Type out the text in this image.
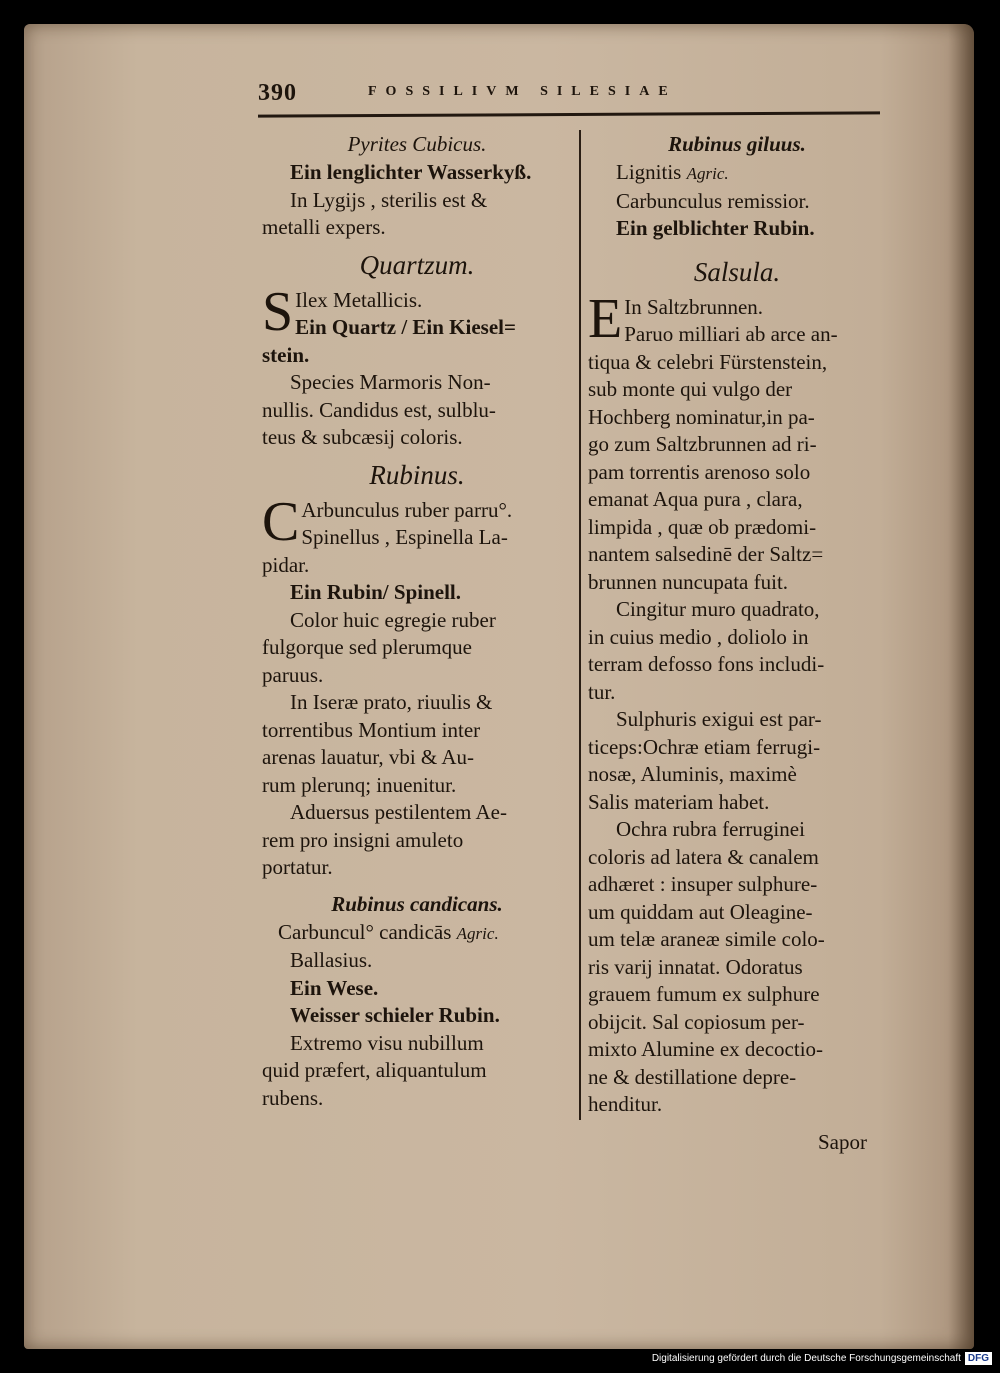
390	FOSSILIVM SILESIAE
Pyrites Cubicus.
Ein lenglichter Wasserkyß.
In Lygijs , sterilis est &
metalli expers.
Quartzum.
S Ilex Metallicis.
Ein Quartz / Ein Kiesel=
stein.
Species Marmoris Non-
nullis. Candidus est, sulblu-
teus & subcæsij coloris.
Rubinus.
C Arbunculus ruber parru°.
Spinellus , Espinella La-
pidar.
Ein Rubin/ Spinell.
Color huic egregie ruber
fulgorque sed plerumque
paruus.
In Iseræ prato, riuulis &
torrentibus Montium inter
arenas lauatur, vbi & Au-
rum plerunq; inuenitur.
Aduersus pestilentem Ae-
rem pro insigni amuleto
portatur.
Rubinus candicans.
Carbuncul° candicās Agric.
Ballasius.
Ein Wese.
Weisser schieler Rubin.
Extremo visu nubillum
quid præfert, aliquantulum
rubens.
Rubinus giluus.
Lignitis Agric.
Carbunculus remissior.
Ein gelblichter Rubin.
Salsula.
E In Saltzbrunnen.
Paruo milliari ab arce an-
tiqua & celebri Fürstenstein,
sub monte qui vulgo der
Hochberg nominatur,in pa-
go zum Saltzbrunnen ad ri-
pam torrentis arenoso solo
emanat Aqua pura , clara,
limpida , quæ ob prædomi-
nantem salsedinē der Saltz=
brunnen nuncupata fuit.
Cingitur muro quadrato,
in cuius medio , doliolo in
terram defosso fons includi-
tur.
Sulphuris exigui est par-
ticeps:Ochræ etiam ferrugi-
nosæ, Aluminis, maximè
Salis materiam habet.
Ochra rubra ferruginei
coloris ad latera & canalem
adhæret : insuper sulphure-
um quiddam aut Oleagine-
um telæ araneæ simile colo-
ris varij innatat. Odoratus
grauem fumum ex sulphure
obijcit. Sal copiosum per-
mixto Alumine ex decoctio-
ne & destillatione depre-
henditur.
Sapor
Digitalisierung gefördert durch die Deutsche Forschungsgemeinschaft DFG
